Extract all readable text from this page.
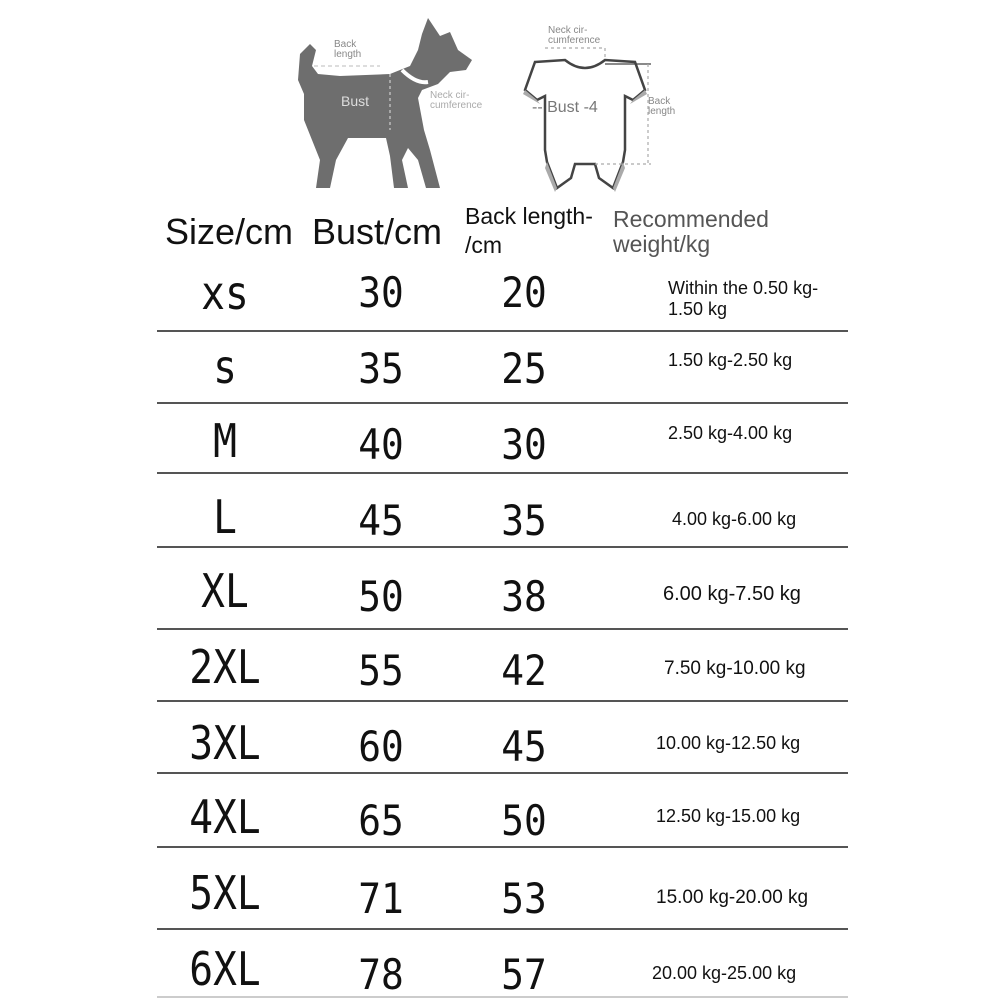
Back
length
Bust	Neck cir-
cumference
Neck cir-
cumference
-- Bust -4	Back
length
Size/cm Bust/cm Back length-
/cm
Recommended
weight/kg
xs	30	20	Within the 0.50 kg-1.50 kg
s	35	25	1.50 kg-2.50 kg
M	40	30	2.50 kg-4.00 kg
L	45	35	4.00 kg-6.00 kg
XL	50	38	6.00 kg-7.50 kg
2XL	55	42	7.50 kg-10.00 kg
3XL	60	45	10.00 kg-12.50 kg
4XL	65	50	12.50 kg-15.00 kg
5XL	71	53	15.00 kg-20.00 kg
6XL	78	57	20.00 kg-25.00 kg
